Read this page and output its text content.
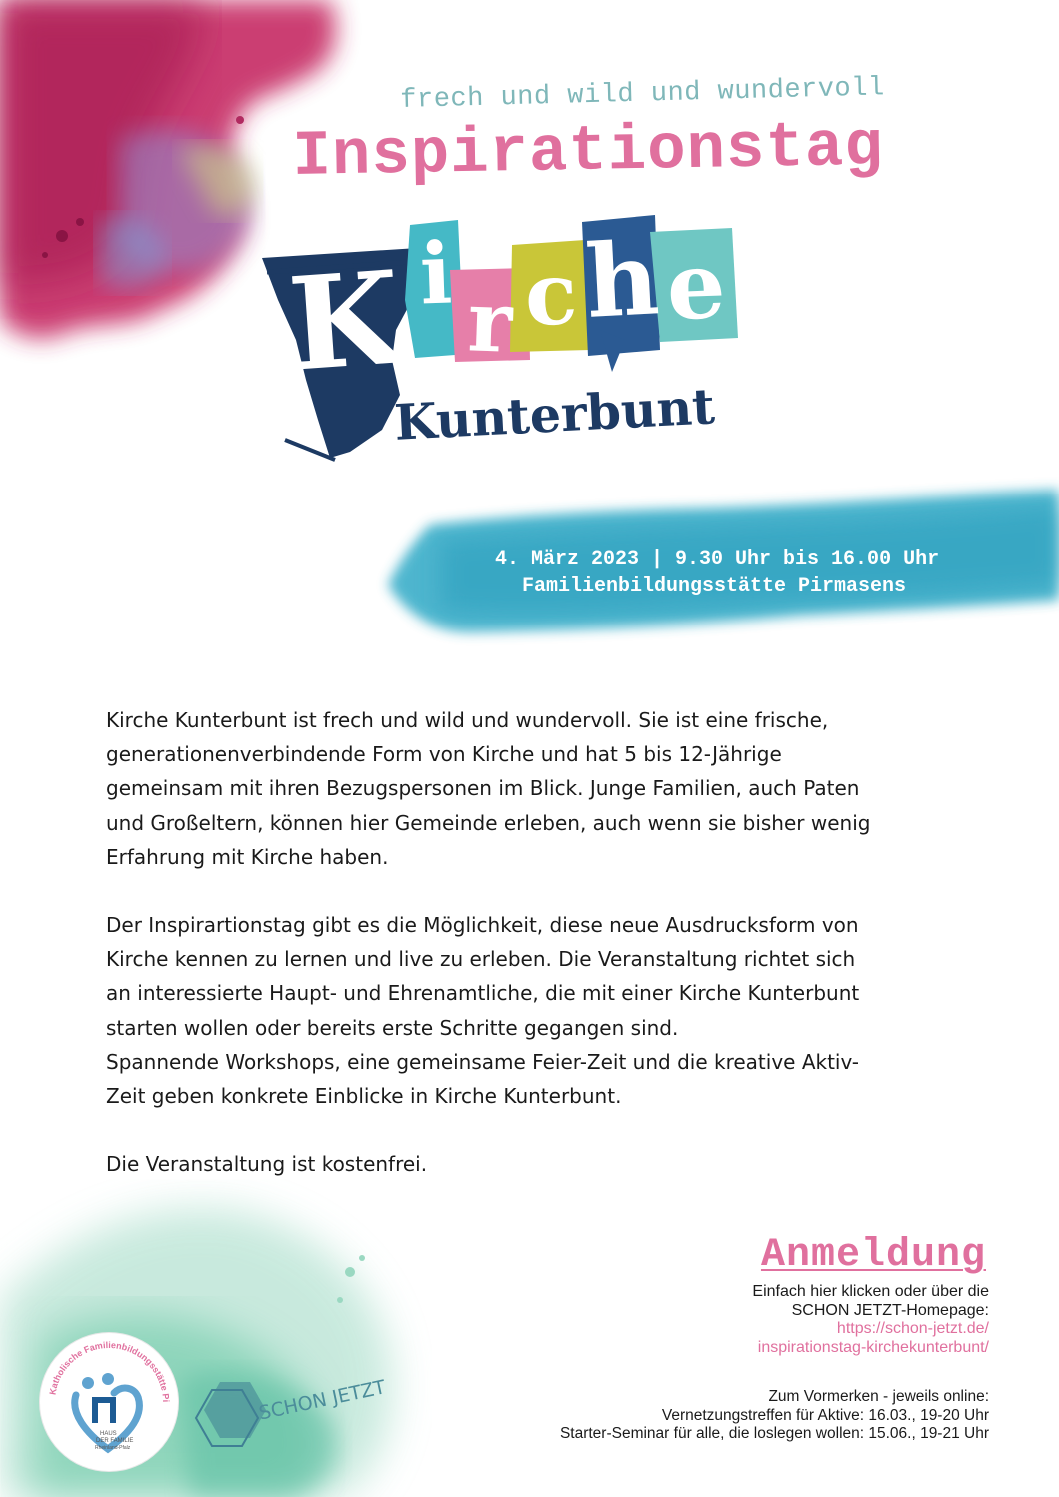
frech und wild und wundervoll
Inspirationstag
K i r c h e
Kunterbunt
4. März 2023 | 9.30 Uhr bis 16.00 Uhr
Familienbildungsstätte Pirmasens

Kirche Kunterbunt ist frech und wild und wundervoll. Sie ist eine frische,

generationenverbindende Form von Kirche und hat 5 bis 12-Jährige

gemeinsam mit ihren Bezugspersonen im Blick. Junge Familien, auch Paten

und Großeltern, können hier Gemeinde erleben, auch wenn sie bisher wenig

Erfahrung mit Kirche haben.

Der Inspirartionstag gibt es die Möglichkeit, diese neue Ausdrucksform von

Kirche kennen zu lernen und live zu erleben. Die Veranstaltung richtet sich

an interessierte Haupt- und Ehrenamtliche, die mit einer Kirche Kunterbunt

starten wollen oder bereits erste Schritte gegangen sind.

Spannende Workshops, eine gemeinsame Feier-Zeit und die kreative Aktiv-

Zeit geben konkrete Einblicke in Kirche Kunterbunt.

Die Veranstaltung ist kostenfrei.

Anmeldung
Einfach hier klicken oder über die
SCHON JETZT-Homepage:
https://schon-jetzt.de/
inspirationstag-kirchekunterbunt/
Zum Vormerken - jeweils online:
Vernetzungstreffen für Aktive: 16.03., 19-20 Uhr
Starter-Seminar für alle, die loslegen wollen: 15.06., 19-21 Uhr
Katholische Familienbildungsstätte Pi
HAUS
DER FAMILIE
Rheinland-Pfalz
SCHON JETZT
